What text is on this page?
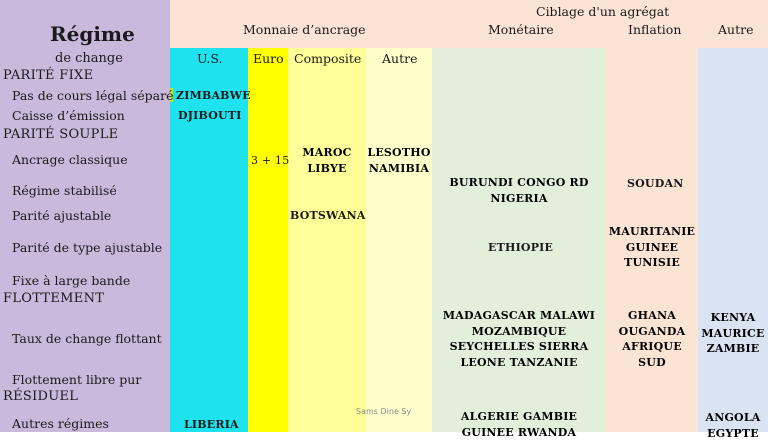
Régime
de change
Monnaie d’ancrage
Ciblage d'un agrégat
U.S. Euro Composite Autre
Monétaire	Inflation	Autre
PARITÉ FIXE
PARITÉ SOUPLE
FLOTTEMENT
RÉSIDUEL
Pas de cours légal séparé
Caisse d’émission
Ancrage classique
Régime stabilisé
Parité ajustable
Parité de type ajustable
Fixe à large bande
Taux de change flottant
Flottement libre pur
Autres régimes
ZIMBABWE
DJIBOUTI
LIBERIA
3 + 15
MAROC
LIBYE
BOTSWANA
LESOTHO
NAMIBIA
BURUNDI CONGO RD
NIGERIA
ETHIOPIE
MADAGASCAR MALAWI
MOZAMBIQUE
SEYCHELLES SIERRA
LEONE TANZANIE
ALGERIE GAMBIE
GUINEE RWANDA
SOUDAN
MAURITANIE
GUINEE
TUNISIE
GHANA
OUGANDA
AFRIQUE
SUD
KENYA
MAURICE
ZAMBIE
ANGOLA
EGYPTE
Sams Dine Sy
